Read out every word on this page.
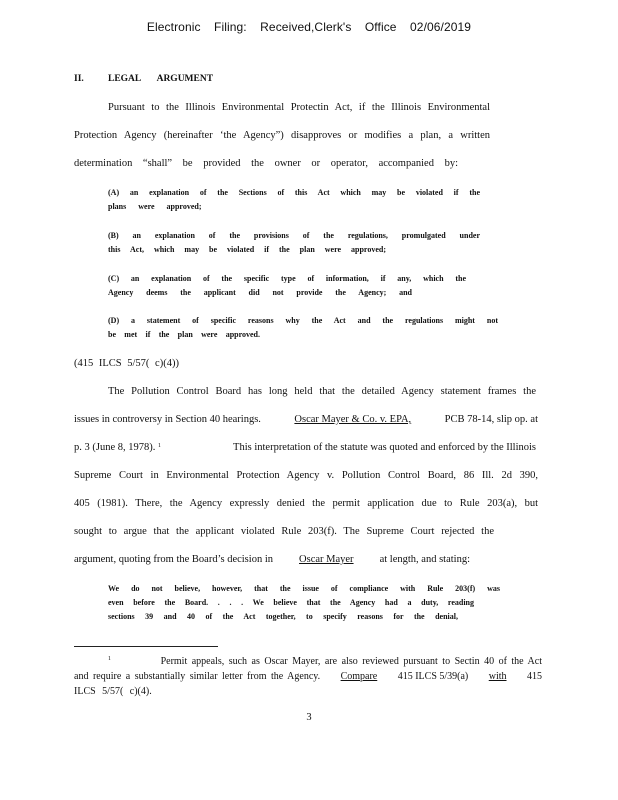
Electronic Filing: Received,Clerk's Office 02/06/2019
II.	LEGAL ARGUMENT
Pursuant to the Illinois Environmental Protectin Act, if the Illinois Environmental
Protection Agency (hereinafter ‘the Agency”) disapproves or modifies a plan, a written
determination “shall” be provided the owner or operator, accompanied by:
(A) an explanation of the Sections of this Act which may be violated if the
plans were approved;
(B) an explanation of the provisions of the regulations, promulgated under
this Act, which may be violated if the plan were approved;
(C) an explanation of the specific type of information, if any, which the
Agency deems the applicant did not provide the Agency; and
(D) a statement of specific reasons why the Act and the regulations might not
be met if the plan were approved.
(415 ILCS 5/57( c)(4))
The Pollution Control Board has long held that the detailed Agency statement frames the
issues in controversy in Section 40 hearings.	Oscar Mayer & Co. v. EPA,	PCB 78-14, slip op. at
p. 3 (June 8, 1978). $^1$	This interpretation of the statute was quoted and enforced by the Illinois
Supreme Court in Environmental Protection Agency v. Pollution Control Board, 86 Ill. 2d 390,
405 (1981). There, the Agency expressly denied the permit application due to Rule 203(a), but
sought to argue that the applicant violated Rule 203(f). The Supreme Court rejected the
argument, quoting from the Board’s decision in Oscar Mayer at length, and stating:
We do not believe, however, that the issue of compliance with Rule 203(f) was
even before the Board. . . . We believe that the Agency had a duty, reading
sections 39 and 40 of the Act together, to specify reasons for the denial,
1	Permit appeals, such as Oscar Mayer, are also reviewed pursuant to Sectin 40 of the Act
and require a substantially similar letter from the Agency. Compare 415 ILCS 5/39(a) with 415
ILCS 5/57( c)(4).
3
